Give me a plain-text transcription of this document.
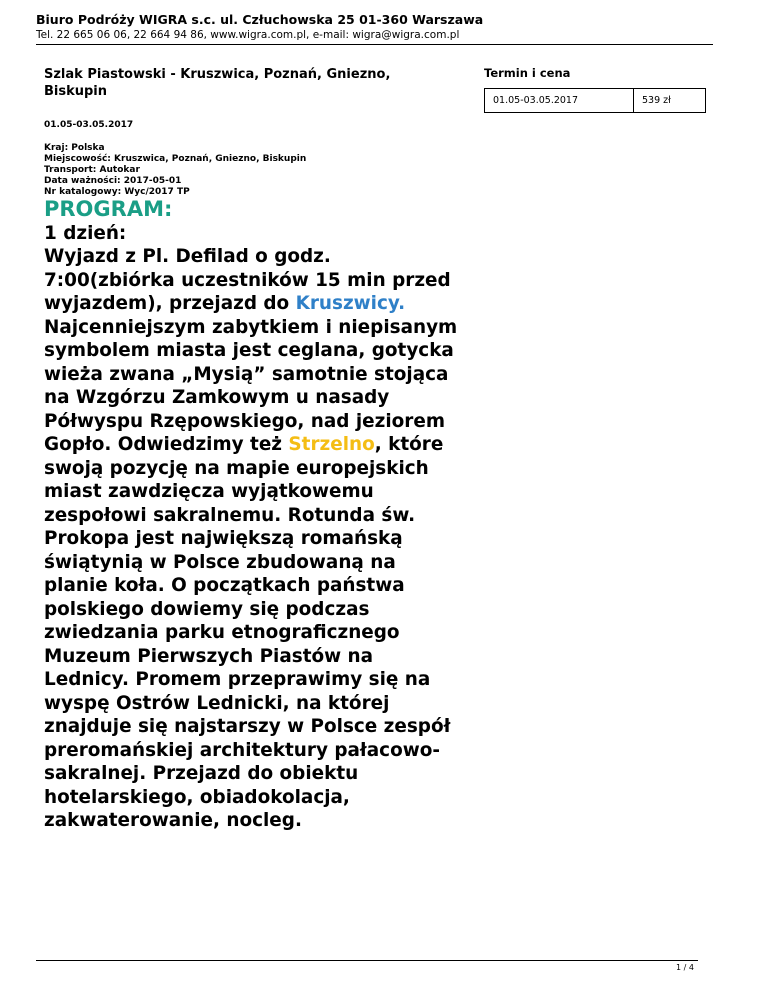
Biuro Podróży WIGRA s.c. ul. Człuchowska 25 01-360 Warszawa
Tel. 22 665 06 06, 22 664 94 86, www.wigra.com.pl, e-mail: wigra@wigra.com.pl
Szlak Piastowski - Kruszwica, Poznań, Gniezno, Biskupin
01.05-03.05.2017
Kraj: Polska
Miejscowość: Kruszwica, Poznań, Gniezno, Biskupin
Transport: Autokar
Data ważności: 2017-05-01
Nr katalogowy: Wyc/2017 TP
Termin i cena
01.05-03.05.2017	539 zł
PROGRAM:
1 dzień:
Wyjazd z Pl. Defilad o godz. 7:00(zbiórka uczestników 15 min przed wyjazdem), przejazd do Kruszwicy. Najcenniejszym zabytkiem i niepisanym symbolem miasta jest ceglana, gotycka wieża zwana „Mysią” samotnie stojąca na Wzgórzu Zamkowym u nasady Półwyspu Rzępowskiego, nad jeziorem Gopło. Odwiedzimy też Strzelno, które swoją pozycję na mapie europejskich miast zawdzięcza wyjątkowemu zespołowi sakralnemu. Rotunda św. Prokopa jest największą romańską świątynią w Polsce zbudowaną na planie koła. O początkach państwa polskiego dowiemy się podczas zwiedzania parku etnograficznego Muzeum Pierwszych Piastów na Lednicy. Promem przeprawimy się na wyspę Ostrów Lednicki, na której znajduje się najstarszy w Polsce zespół preromańskiej architektury pałacowo-sakralnej. Przejazd do obiektu hotelarskiego, obiadokolacja, zakwaterowanie, nocleg.
1 / 4
